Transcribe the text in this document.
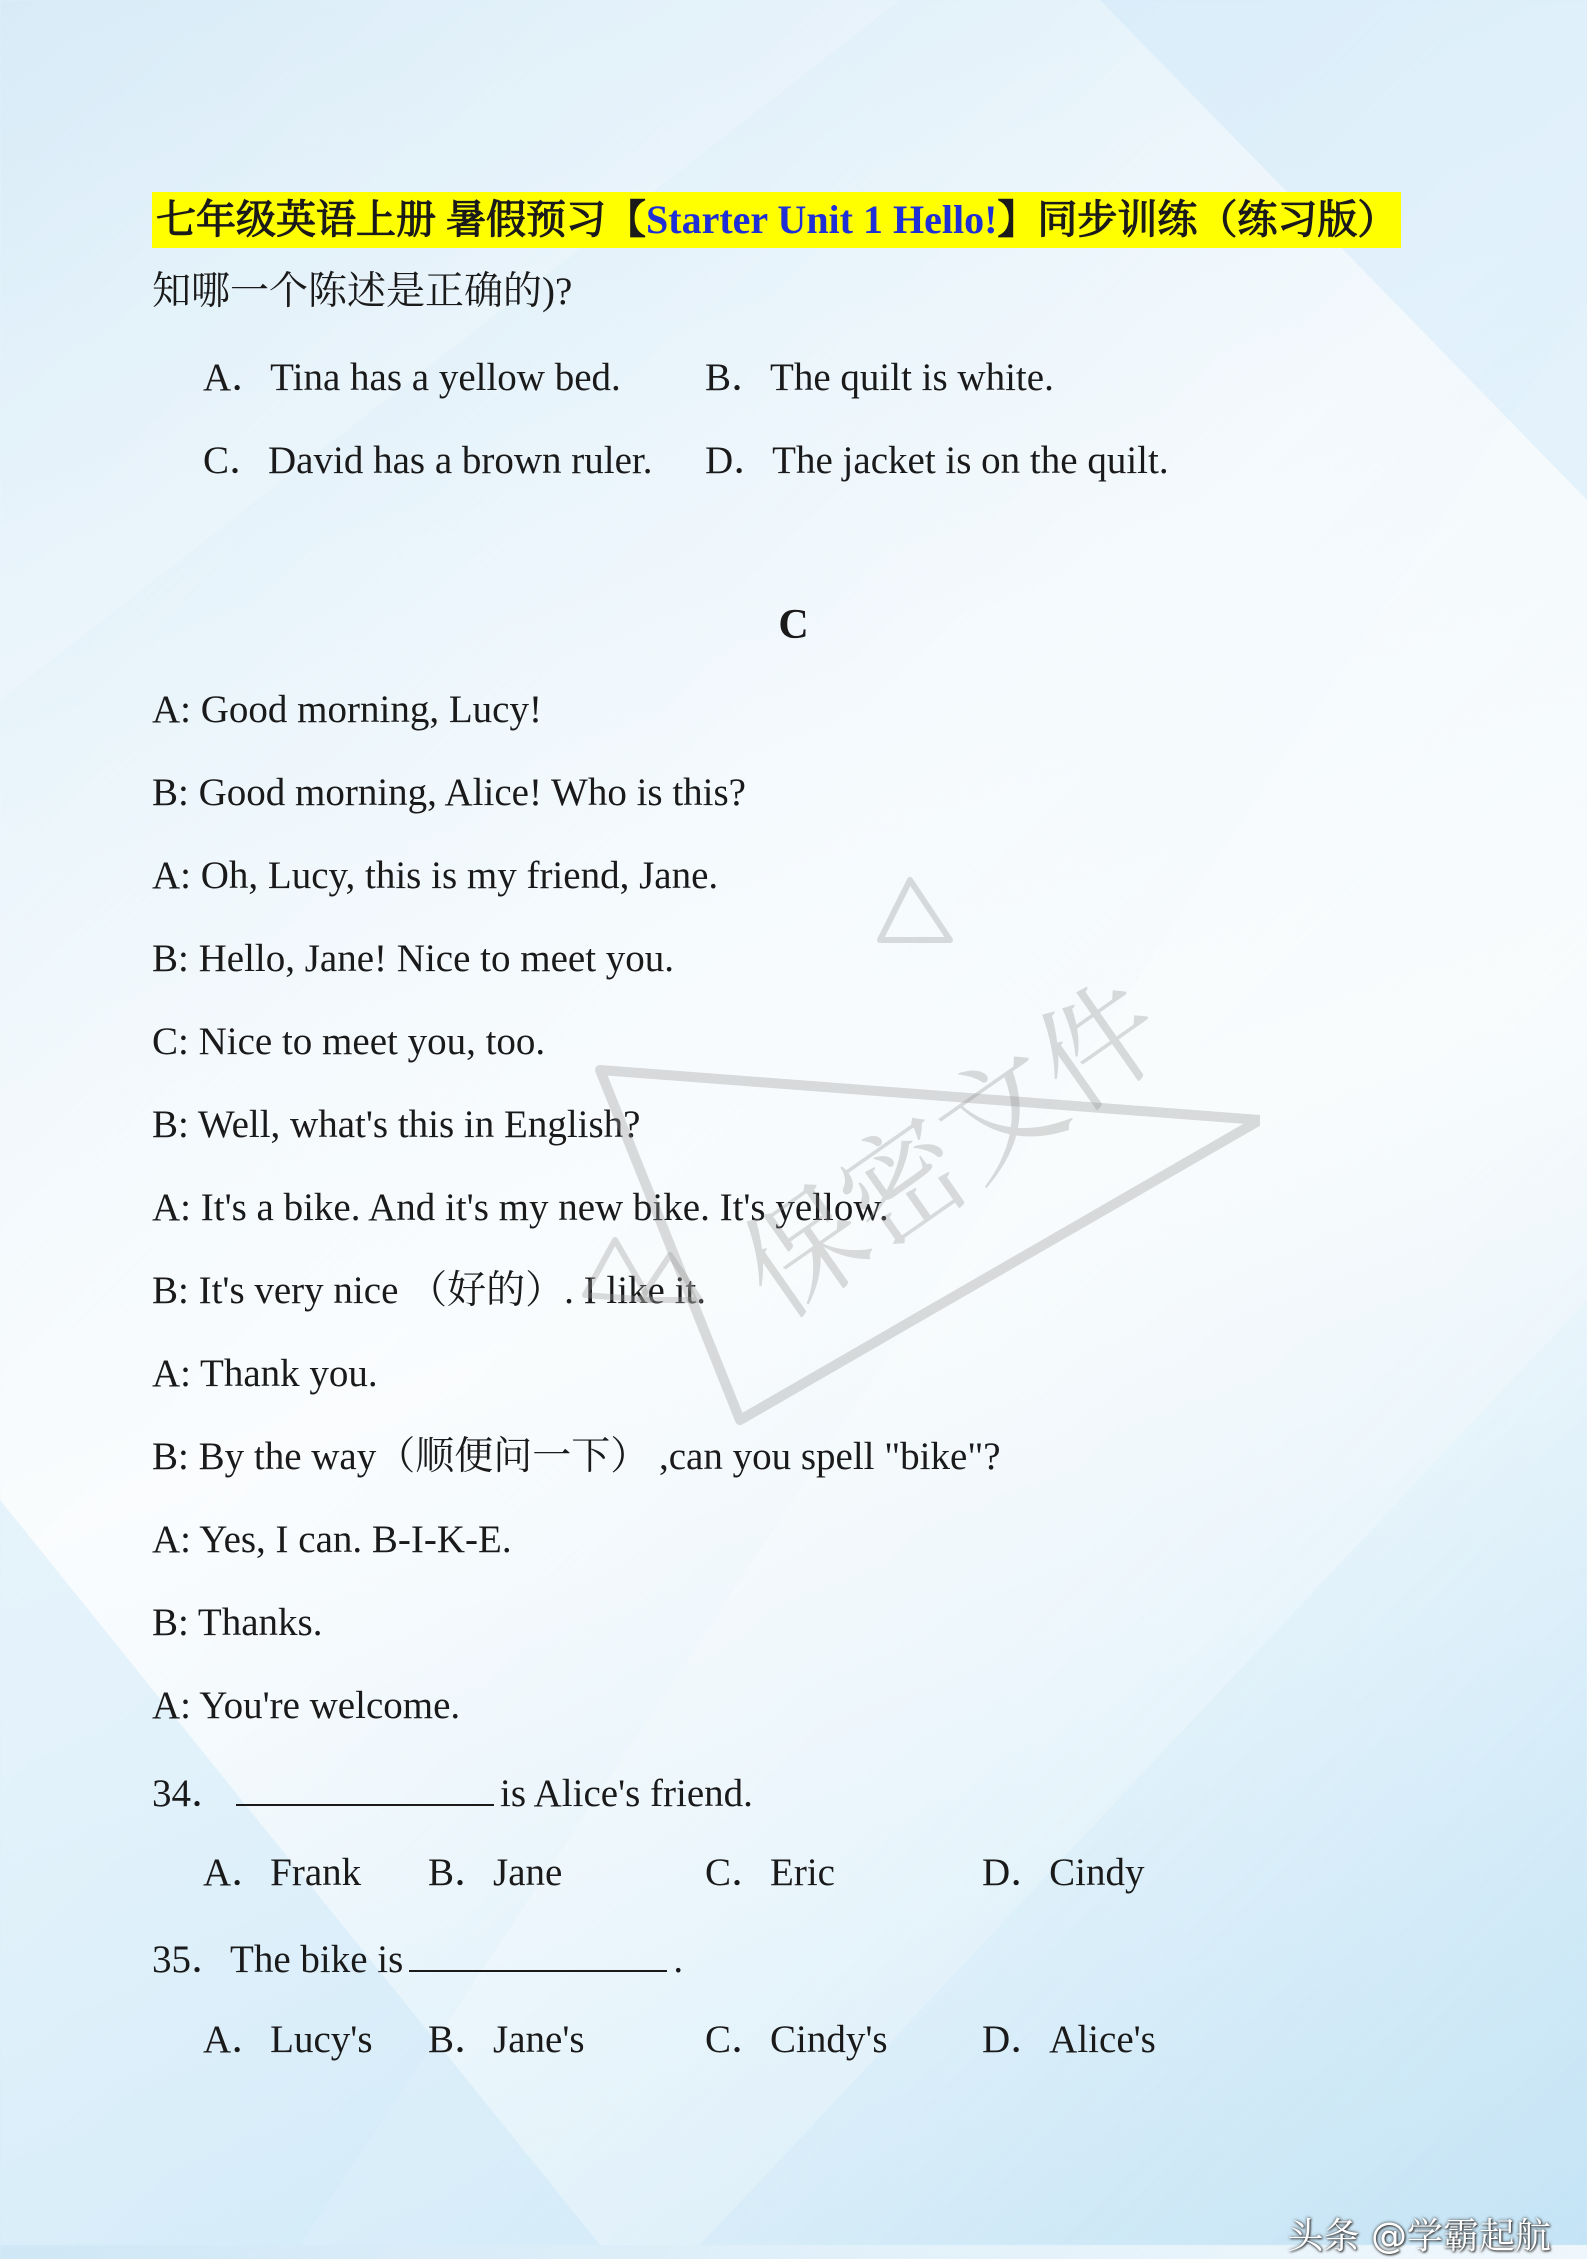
七年级英语上册 暑假预习【Starter Unit 1 Hello!】同步训练（练习版）
知哪一个陈述是正确的)?
A．Tina has a yellow bed. B．The quilt is white.
C．David has a brown ruler. D．The jacket is on the quilt.
C
A: Good morning, Lucy!
B: Good morning, Alice! Who is this?
A: Oh, Lucy, this is my friend, Jane.
B: Hello, Jane! Nice to meet you.
C: Nice to meet you, too.
B: Well, what's this in English?
A: It's a bike. And it's my new bike. It's yellow.
B: It's very nice （好的）. I like it.
A: Thank you.
B: By the way（顺便问一下） ,can you spell "bike"?
A: Yes, I can. B-I-K-E.
B: Thanks.
A: You're welcome.
34．	is Alice's friend.
A．Frank B．Jane	C．Eric	D．Cindy
35．The bike is	.
A．Lucy's B．Jane's	C．Cindy's D．Alice's
保密文件
头条 @学霸起航
